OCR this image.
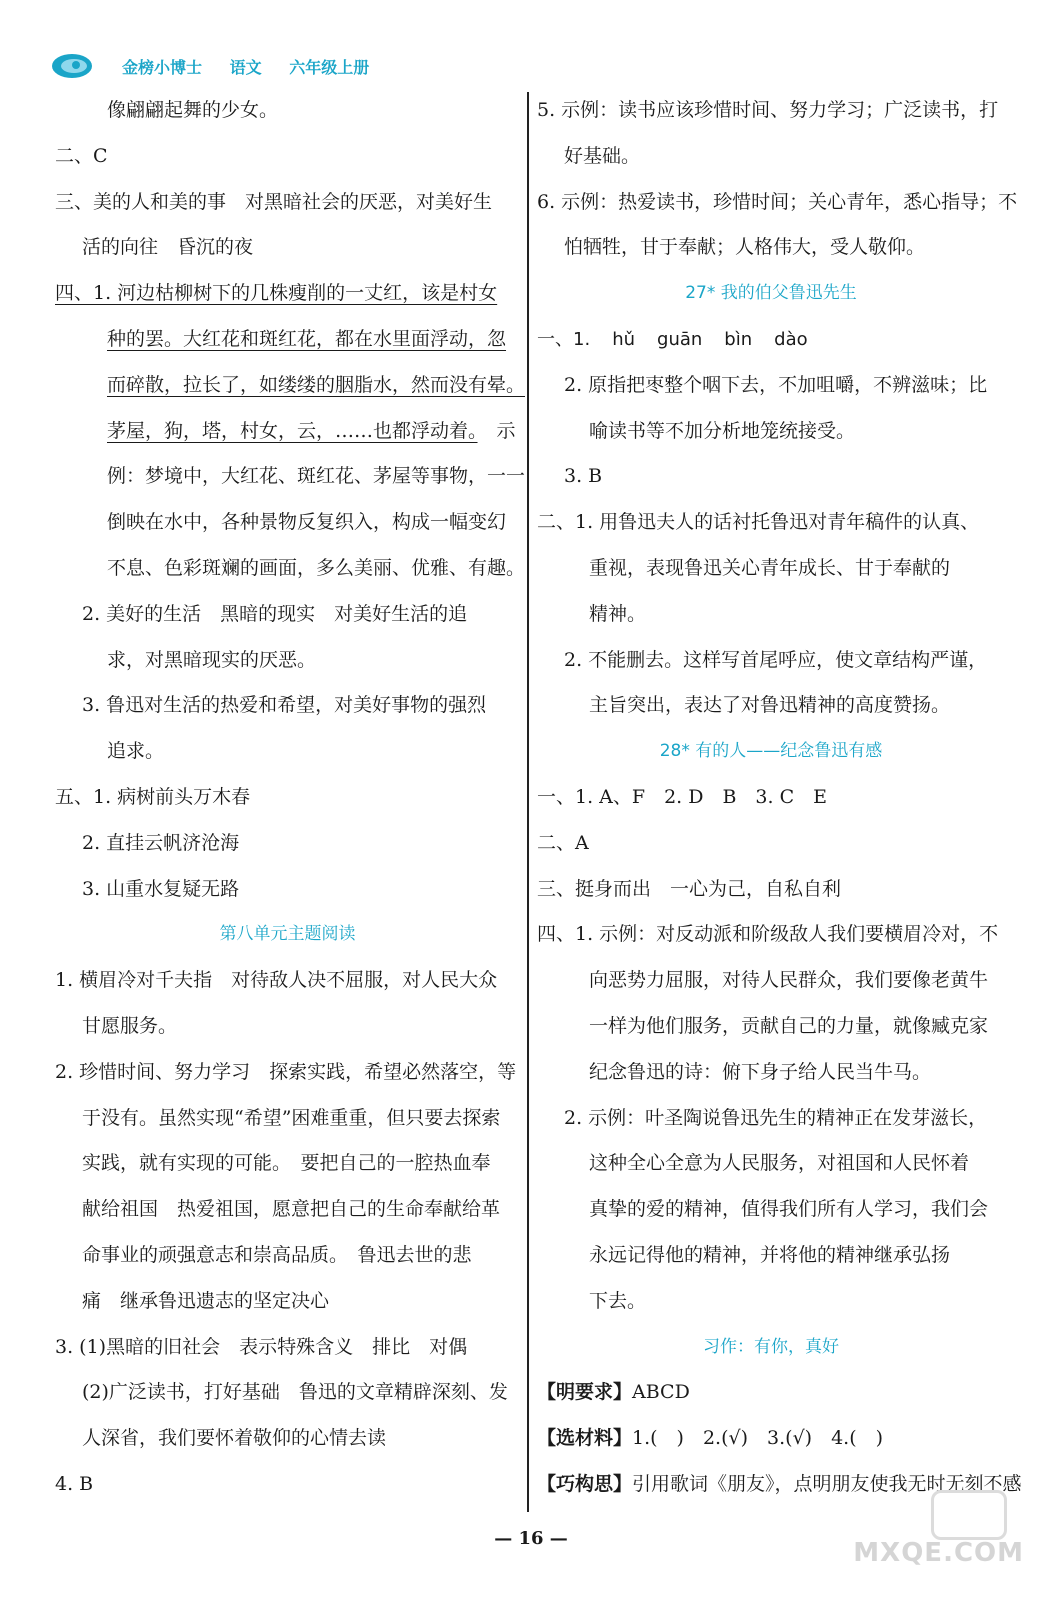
金榜小博士 语文 六年级上册
像翩翩起舞的少女。
二、C
三、美的人和美的事　对黑暗社会的厌恶，对美好生
活的向往　昏沉的夜
四、1. 河边枯柳树下的几株瘦削的一丈红，该是村女
种的罢。大红花和斑红花，都在水里面浮动，忽
而碎散，拉长了，如缕缕的胭脂水，然而没有晕。
茅屋，狗，塔，村女，云，……也都浮动着。　示
例：梦境中，大红花、斑红花、茅屋等事物，一一
倒映在水中，各种景物反复织入，构成一幅变幻
不息、色彩斑斓的画面，多么美丽、优雅、有趣。
2. 美好的生活　黑暗的现实　对美好生活的追
求，对黑暗现实的厌恶。
3. 鲁迅对生活的热爱和希望，对美好事物的强烈
追求。
五、1. 病树前头万木春
2. 直挂云帆济沧海
3. 山重水复疑无路
第八单元主题阅读
1. 横眉冷对千夫指　对待敌人决不屈服，对人民大众
甘愿服务。
2. 珍惜时间、努力学习　探索实践，希望必然落空，等
于没有。虽然实现“希望”困难重重，但只要去探索
实践，就有实现的可能。　要把自己的一腔热血奉
献给祖国　热爱祖国，愿意把自己的生命奉献给革
命事业的顽强意志和崇高品质。　鲁迅去世的悲
痛　继承鲁迅遗志的坚定决心
3. (1)黑暗的旧社会　表示特殊含义　排比　对偶
(2)广泛读书，打好基础　鲁迅的文章精辟深刻、发
人深省，我们要怀着敬仰的心情去读
4. B
5. 示例：读书应该珍惜时间、努力学习；广泛读书，打
好基础。
6. 示例：热爱读书，珍惜时间；关心青年，悉心指导；不
怕牺牲，甘于奉献；人格伟大，受人敬仰。
27* 我的伯父鲁迅先生
一、1. hǔ guān bìn dào
2. 原指把枣整个咽下去，不加咀嚼，不辨滋味；比
喻读书等不加分析地笼统接受。
3. B
二、1. 用鲁迅夫人的话衬托鲁迅对青年稿件的认真、
重视，表现鲁迅关心青年成长、甘于奉献的
精神。
2. 不能删去。这样写首尾呼应，使文章结构严谨，
主旨突出，表达了对鲁迅精神的高度赞扬。
28* 有的人——纪念鲁迅有感
一、1. A、F　2. D　B　3. C　E
二、A
三、挺身而出　一心为己，自私自利
四、1. 示例：对反动派和阶级敌人我们要横眉冷对，不
向恶势力屈服，对待人民群众，我们要像老黄牛
一样为他们服务，贡献自己的力量，就像臧克家
纪念鲁迅的诗：俯下身子给人民当牛马。
2. 示例：叶圣陶说鲁迅先生的精神正在发芽滋长，
这种全心全意为人民服务，对祖国和人民怀着
真挚的爱的精神，值得我们所有人学习，我们会
永远记得他的精神，并将他的精神继承弘扬
下去。
习作：有你，真好
【明要求】ABCD
【选材料】1.(　)　2.(√)　3.(√)　4.(　)
【巧构思】引用歌词《朋友》，点明朋友使我无时无刻不感
— 16 —	MXQE.COM
